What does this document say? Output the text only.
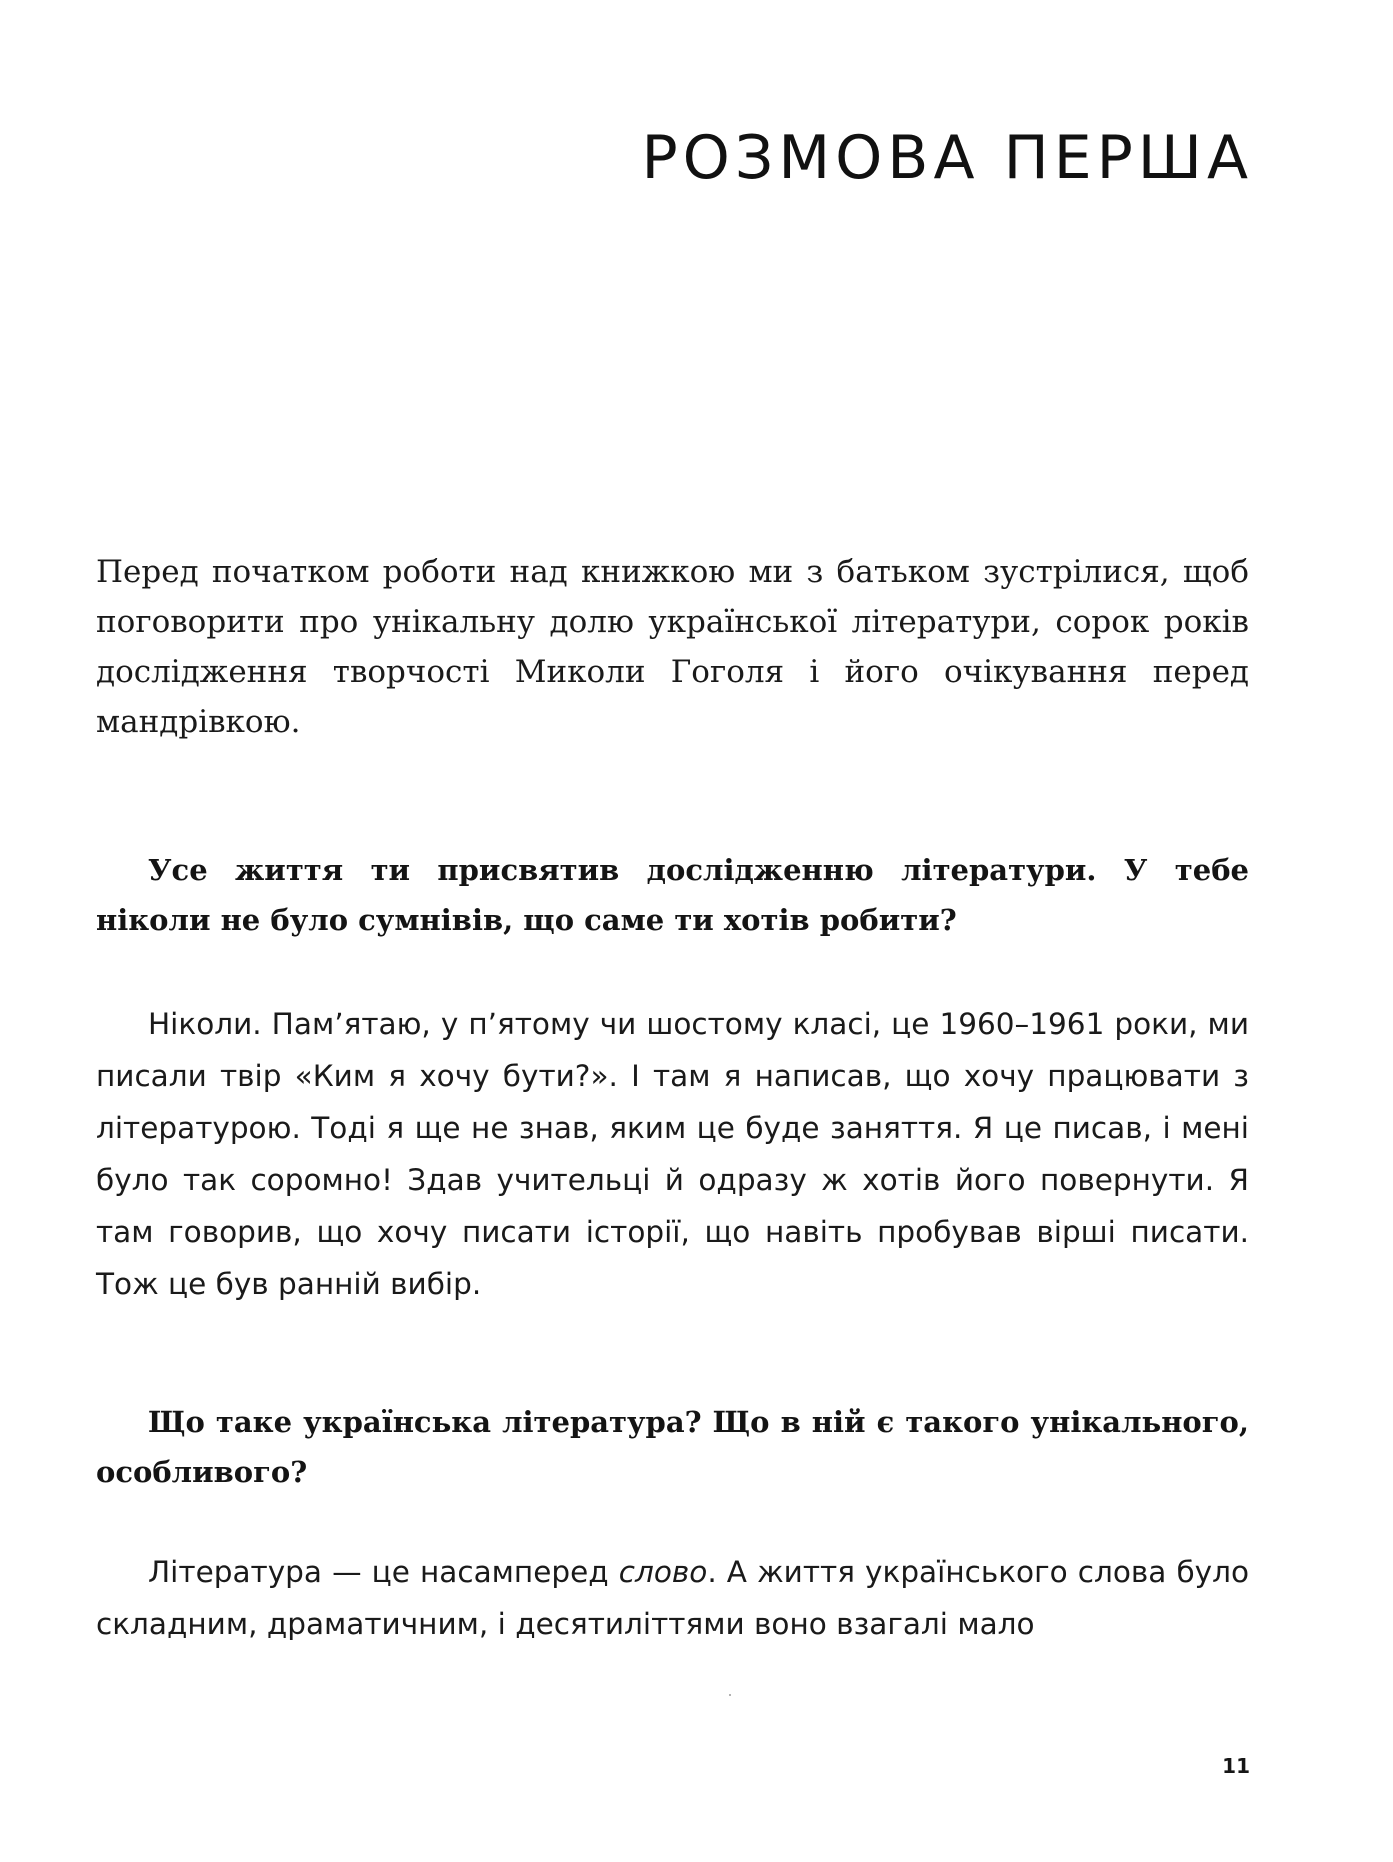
РОЗМОВА ПЕРША

Перед початком роботи над книжкою ми з батьком зустрілися, щоб поговорити про унікальну долю української літератури, сорок років дослідження творчості Миколи Гоголя і його очікування перед мандрівкою.

Усе життя ти присвятив дослідженню літератури. У тебе ніколи не було сумнівів, що саме ти хотів робити?

Ніколи. Пам’ятаю, у п’ятому чи шостому класі, це 1960–1961 роки, ми писали твір «Ким я хочу бути?». І там я написав, що хочу працювати з літературою. Тоді я ще не знав, яким це буде заняття. Я це писав, і мені було так соромно! Здав учительці й одразу ж хотів його повернути. Я там говорив, що хочу писати історії, що навіть пробував вірші писати. Тож це був ранній вибір.

Що таке українська література? Що в ній є такого унікального, особливого?

Література — це насамперед слово. А життя українського слова було складним, драматичним, і десятиліттями воно взагалі мало

11
